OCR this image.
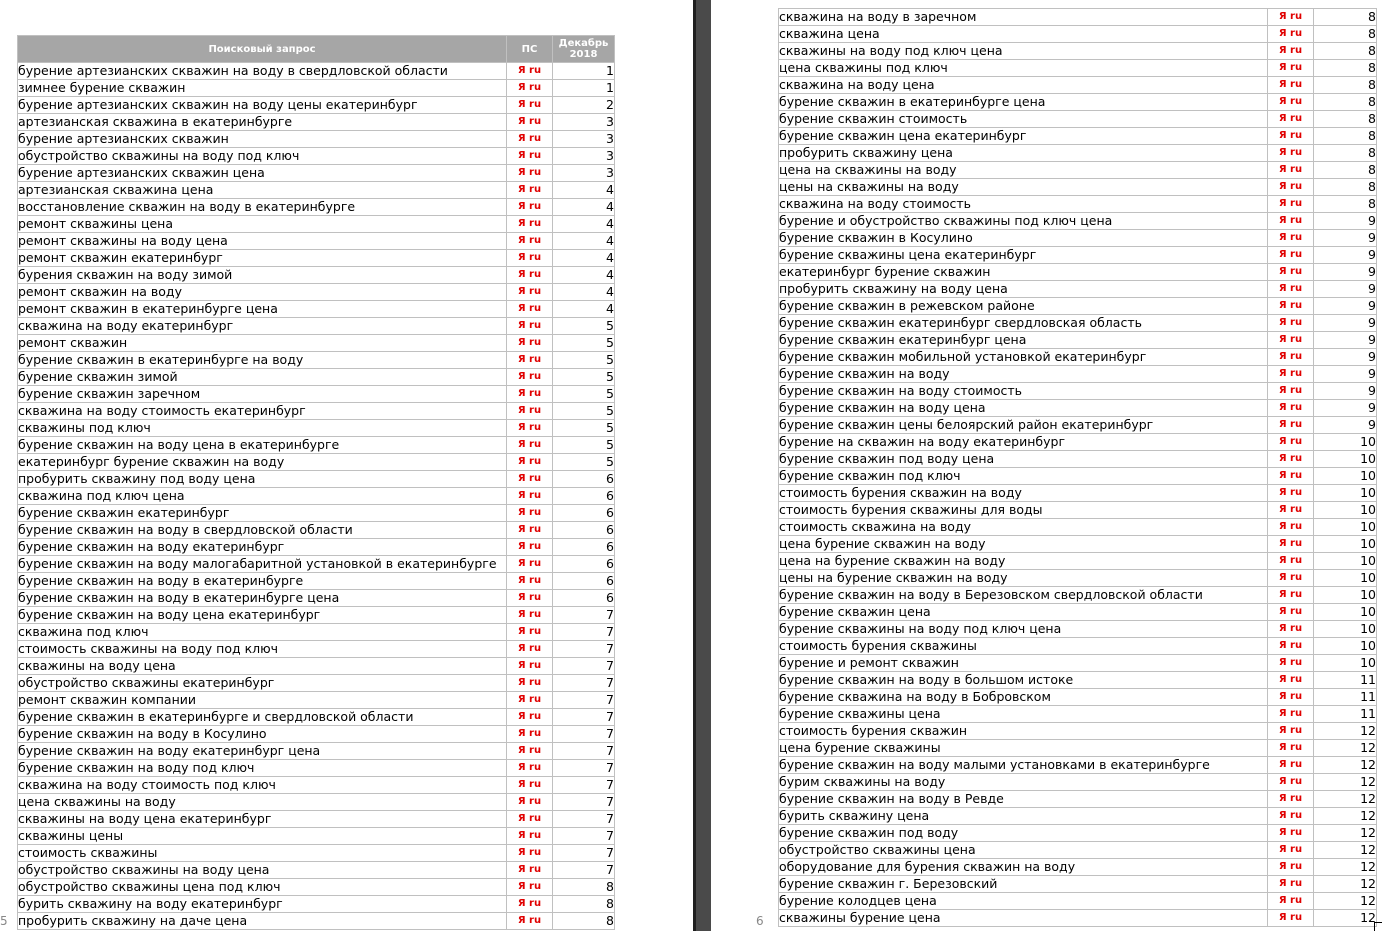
Поисковый запрос	ПС	Декабрь
2018
бурение артезианских скважин на воду в свердловской области	Я ru	1
зимнее бурение скважин	Я ru	1
бурение артезианских скважин на воду цены екатеринбург	Я ru	2
артезианская скважина в екатеринбурге	Я ru	3
бурение артезианских скважин	Я ru	3
обустройство скважины на воду под ключ	Я ru	3
бурение артезианских скважин цена	Я ru	3
артезианская скважина цена	Я ru	4
восстановление скважин на воду в екатеринбурге	Я ru	4
ремонт скважины цена	Я ru	4
ремонт скважины на воду цена	Я ru	4
ремонт скважин екатеринбург	Я ru	4
бурения скважин на воду зимой	Я ru	4
ремонт скважин на воду	Я ru	4
ремонт скважин в екатеринбурге цена	Я ru	4
скважина на воду екатеринбург	Я ru	5
ремонт скважин	Я ru	5
бурение скважин в екатеринбурге на воду	Я ru	5
бурение скважин зимой	Я ru	5
бурение скважин заречном	Я ru	5
скважина на воду стоимость екатеринбург	Я ru	5
скважины под ключ	Я ru	5
бурение скважин на воду цена в екатеринбурге	Я ru	5
екатеринбург бурение скважин на воду	Я ru	5
пробурить скважину под воду цена	Я ru	6
скважина под ключ цена	Я ru	6
бурение скважин екатеринбург	Я ru	6
бурение скважин на воду в свердловской области	Я ru	6
бурение скважин на воду екатеринбург	Я ru	6
бурение скважин на воду малогабаритной установкой в екатеринбурге	Я ru	6
бурение скважин на воду в екатеринбурге	Я ru	6
бурение скважин на воду в екатеринбурге цена	Я ru	6
бурение скважин на воду цена екатеринбург	Я ru	7
скважина под ключ	Я ru	7
стоимость скважины на воду под ключ	Я ru	7
скважины на воду цена	Я ru	7
обустройство скважины екатеринбург	Я ru	7
ремонт скважин компании	Я ru	7
бурение скважин в екатеринбурге и свердловской области	Я ru	7
бурение скважин на воду в Косулино	Я ru	7
бурение скважин на воду екатеринбург цена	Я ru	7
бурение скважин на воду под ключ	Я ru	7
скважина на воду стоимость под ключ	Я ru	7
цена скважины на воду	Я ru	7
скважины на воду цена екатеринбург	Я ru	7
скважины цены	Я ru	7
стоимость скважины	Я ru	7
обустройство скважины на воду цена	Я ru	7
обустройство скважины цена под ключ	Я ru	8
бурить скважину на воду екатеринбург	Я ru	8
пробурить скважину на даче цена	Я ru	8
скважина на воду в заречном	Я ru	8
скважина цена	Я ru	8
скважины на воду под ключ цена	Я ru	8
цена скважины под ключ	Я ru	8
скважина на воду цена	Я ru	8
бурение скважин в екатеринбурге цена	Я ru	8
бурение скважин стоимость	Я ru	8
бурение скважин цена екатеринбург	Я ru	8
пробурить скважину цена	Я ru	8
цена на скважины на воду	Я ru	8
цены на скважины на воду	Я ru	8
скважина на воду стоимость	Я ru	8
бурение и обустройство скважины под ключ цена	Я ru	9
бурение скважин в Косулино	Я ru	9
бурение скважины цена екатеринбург	Я ru	9
екатеринбург бурение скважин	Я ru	9
пробурить скважину на воду цена	Я ru	9
бурение скважин в режевском районе	Я ru	9
бурение скважин екатеринбург свердловская область	Я ru	9
бурение скважин екатеринбург цена	Я ru	9
бурение скважин мобильной установкой екатеринбург	Я ru	9
бурение скважин на воду	Я ru	9
бурение скважин на воду стоимость	Я ru	9
бурение скважин на воду цена	Я ru	9
бурение скважин цены белоярский район екатеринбург	Я ru	9
бурение на скважин на воду екатеринбург	Я ru	10
бурение скважин под воду цена	Я ru	10
бурение скважин под ключ	Я ru	10
стоимость бурения скважин на воду	Я ru	10
стоимость бурения скважины для воды	Я ru	10
стоимость скважина на воду	Я ru	10
цена бурение скважин на воду	Я ru	10
цена на бурение скважин на воду	Я ru	10
цены на бурение скважин на воду	Я ru	10
бурение скважин на воду в Березовском свердловской области	Я ru	10
бурение скважин цена	Я ru	10
бурение скважины на воду под ключ цена	Я ru	10
стоимость бурения скважины	Я ru	10
бурение и ремонт скважин	Я ru	10
бурение скважин на воду в большом истоке	Я ru	11
бурение скважина на воду в Бобровском	Я ru	11
бурение скважины цена	Я ru	11
стоимость бурения скважин	Я ru	12
цена бурение скважины	Я ru	12
бурение скважин на воду малыми установками в екатеринбурге	Я ru	12
бурим скважины на воду	Я ru	12
бурение скважин на воду в Ревде	Я ru	12
бурить скважину цена	Я ru	12
бурение скважин под воду	Я ru	12
обустройство скважины цена	Я ru	12
оборудование для бурения скважин на воду	Я ru	12
бурение скважин г. Березовский	Я ru	12
бурение колодцев цена	Я ru	12
скважины бурение цена	Я ru	12
5	6
